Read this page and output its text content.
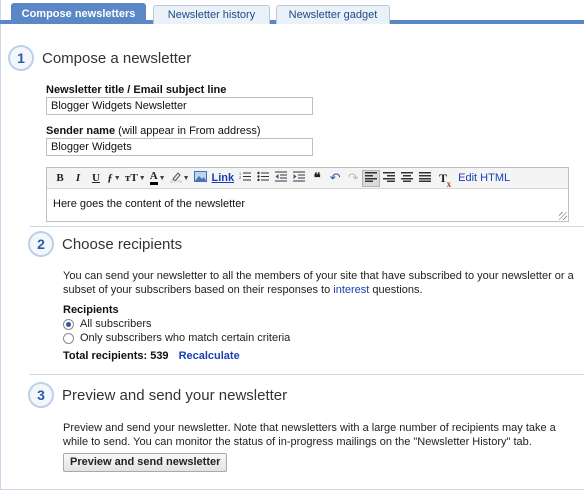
Compose newsletters	Newsletter history	Newsletter gadget
1	Compose a newsletter
Newsletter title / Email subject line
Blogger Widgets Newsletter
Sender name (will appear in From address)
Blogger Widgets
B	I	U ƒ ▼ тT ▼ A ▼ ▼ Link	1
2	❝ ↶ ↷	T x Edit HTML
Here goes the content of the newsletter
2	Choose recipients
You can send your newsletter to all the members of your site that have subscribed to your newsletter or a subset of your subscribers based on their responses to interest questions.
Recipients
All subscribers
Only subscribers who match certain criteria
Total recipients: 539 Recalculate
3	Preview and send your newsletter
Preview and send your newsletter. Note that newsletters with a large number of recipients may take a while to send. You can monitor the status of in-progress mailings on the "Newsletter History" tab.
Preview and send newsletter
